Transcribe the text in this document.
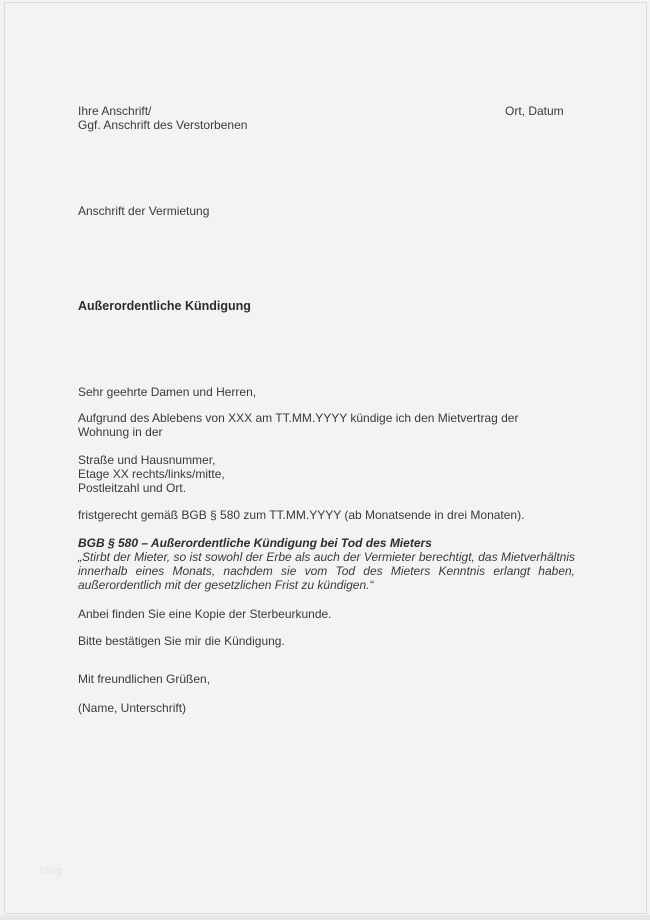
Ihre Anschrift/
Ggf. Anschrift des Verstorbenen
Ort, Datum
Anschrift der Vermietung
Außerordentliche Kündigung
Sehr geehrte Damen und Herren,
Aufgrund des Ablebens von XXX am TT.MM.YYYY kündige ich den Mietvertrag der Wohnung in der
Straße und Hausnummer,
Etage XX rechts/links/mitte,
Postleitzahl und Ort.
fristgerecht gemäß BGB § 580 zum TT.MM.YYYY (ab Monatsende in drei Monaten).

BGB § 580 – Außerordentliche Kündigung bei Tod des Mieters

„Stirbt der Mieter, so ist sowohl der Erbe als auch der Vermieter berechtigt, das Mietverhältnis innerhalb eines Monats, nachdem sie vom Tod des Mieters Kenntnis erlangt haben, außerordentlich mit der gesetzlichen Frist zu kündigen.“

Anbei finden Sie eine Kopie der Sterbeurkunde.
Bitte bestätigen Sie mir die Kündigung.
Mit freundlichen Grüßen,
(Name, Unterschrift)
blog
